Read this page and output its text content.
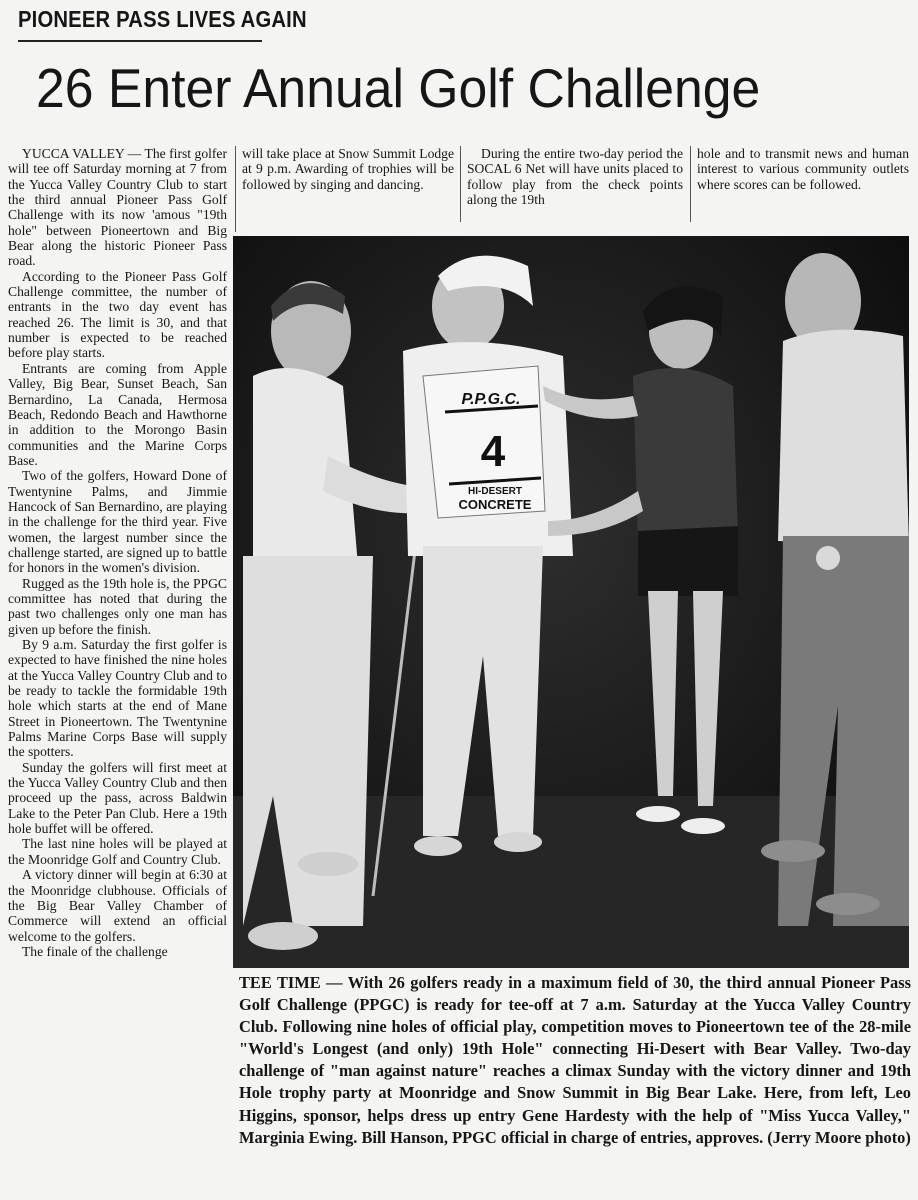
PIONEER PASS LIVES AGAIN
26 Enter Annual Golf Challenge

YUCCA VALLEY — The first golfer will tee off Saturday morning at 7 from the Yucca Valley Country Club to start the third annual Pioneer Pass Golf Challenge with its now 'amous "19th hole" between Pioneertown and Big Bear along the historic Pioneer Pass road.

According to the Pioneer Pass Golf Challenge committee, the number of entrants in the two day event has reached 26. The limit is 30, and that number is expected to be reached before play starts.

Entrants are coming from Apple Valley, Big Bear, Sunset Beach, San Bernardino, La Canada, Hermosa Beach, Redondo Beach and Hawthorne in addition to the Morongo Basin communities and the Marine Corps Base.

Two of the golfers, Howard Done of Twentynine Palms, and Jimmie Hancock of San Bernardino, are playing in the challenge for the third year. Five women, the largest number since the challenge started, are signed up to battle for honors in the women's division.

Rugged as the 19th hole is, the PPGC committee has noted that during the past two challenges only one man has given up before the finish.

By 9 a.m. Saturday the first golfer is expected to have finished the nine holes at the Yucca Valley Country Club and to be ready to tackle the formidable 19th hole which starts at the end of Mane Street in Pioneertown. The Twentynine Palms Marine Corps Base will supply the spotters.

Sunday the golfers will first meet at the Yucca Valley Country Club and then proceed up the pass, across Baldwin Lake to the Peter Pan Club. Here a 19th hole buffet will be offered.

The last nine holes will be played at the Moonridge Golf and Country Club.

A victory dinner will begin at 6:30 at the Moonridge clubhouse. Officials of the Big Bear Valley Chamber of Commerce will extend an official welcome to the golfers.

The finale of the challenge

will take place at Snow Summit Lodge at 9 p.m. Awarding of trophies will be followed by singing and dancing.

During the entire two-day period the SOCAL 6 Net will have units placed to follow play from the check points along the 19th

hole and to transmit news and human interest to various community outlets where scores can be followed.

P.P.G.C.
4
HI-DESERT
CONCRETE
TEE TIME — With 26 golfers ready in a maximum field of 30, the third annual Pioneer Pass Golf Challenge (PPGC) is ready for tee-off at 7 a.m. Saturday at the Yucca Valley Country Club. Following nine holes of official play, competition moves to Pioneertown tee of the 28-mile "World's Longest (and only) 19th Hole" connecting Hi-Desert with Bear Valley. Two-day challenge of "man against nature" reaches a climax Sunday with the victory dinner and 19th Hole trophy party at Moonridge and Snow Summit in Big Bear Lake. Here, from left, Leo Higgins, sponsor, helps dress up entry Gene Hardesty with the help of "Miss Yucca Valley," Marginia Ewing. Bill Hanson, PPGC official in charge of entries, approves. (Jerry Moore photo)
